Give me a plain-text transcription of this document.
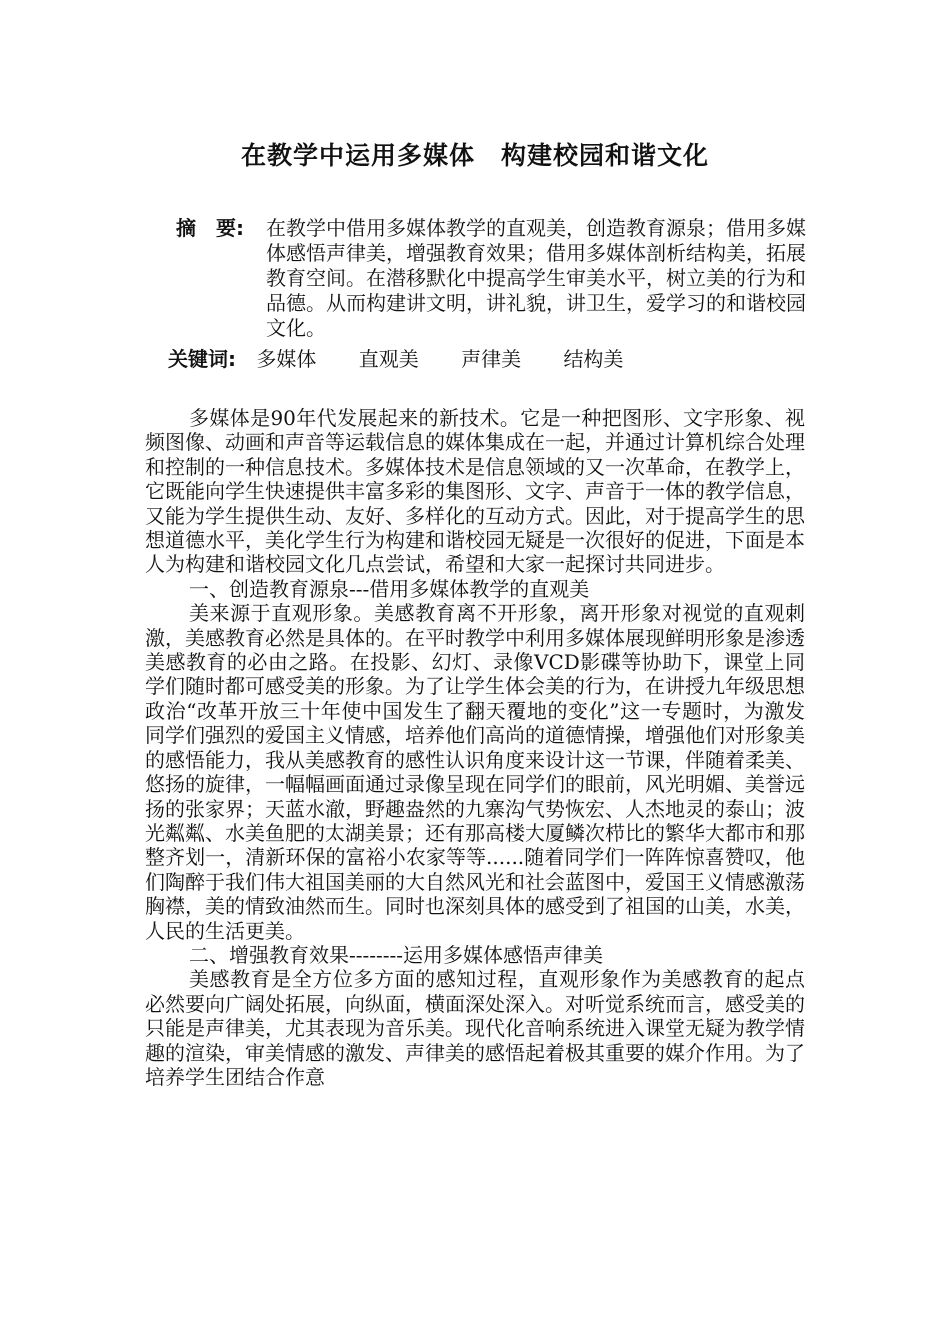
在教学中运用多媒体　构建校园和谐文化
摘　要: 在教学中借用多媒体教学的直观美，创造教育源泉；借用多媒体感悟声律美，增强教育效果；借用多媒体剖析结构美，拓展教育空间。在潜移默化中提高学生审美水平，树立美的行为和品德。从而构建讲文明，讲礼貌，讲卫生，爱学习的和谐校园文化。
关键词: 多媒体 直观美 声律美 结构美

多媒体是90年代发展起来的新技术。它是一种把图形、文字形象、视频图像、动画和声音等运载信息的媒体集成在一起，并通过计算机综合处理和控制的一种信息技术。多媒体技术是信息领域的又一次革命，在教学上，它既能向学生快速提供丰富多彩的集图形、文字、声音于一体的教学信息，又能为学生提供生动、友好、多样化的互动方式。因此，对于提高学生的思想道德水平，美化学生行为构建和谐校园无疑是一次很好的促进，下面是本人为构建和谐校园文化几点尝试，希望和大家一起探讨共同进步。

一、创造教育源泉---借用多媒体教学的直观美

美来源于直观形象。美感教育离不开形象，离开形象对视觉的直观刺激，美感教育必然是具体的。在平时教学中利用多媒体展现鲜明形象是渗透美感教育的必由之路。在投影、幻灯、录像VCD影碟等协助下，课堂上同学们随时都可感受美的形象。为了让学生体会美的行为，在讲授九年级思想政治“改革开放三十年使中国发生了翻天覆地的变化”这一专题时，为激发同学们强烈的爱国主义情感，培养他们高尚的道德情操，增强他们对形象美的感悟能力，我从美感教育的感性认识角度来设计这一节课，伴随着柔美、悠扬的旋律，一幅幅画面通过录像呈现在同学们的眼前，风光明媚、美誉远扬的张家界；天蓝水澈，野趣盎然的九寨沟气势恢宏、人杰地灵的泰山；波光粼粼、水美鱼肥的太湖美景；还有那高楼大厦鳞次栉比的繁华大都市和那整齐划一，清新环保的富裕小农家等等......随着同学们一阵阵惊喜赞叹，他们陶醉于我们伟大祖国美丽的大自然风光和社会蓝图中，爱国王义情感激荡胸襟，美的情致油然而生。同时也深刻具体的感受到了祖国的山美，水美，人民的生活更美。

二、增强教育效果--------运用多媒体感悟声律美

美感教育是全方位多方面的感知过程，直观形象作为美感教育的起点必然要向广阔处拓展，向纵面，横面深处深入。对听觉系统而言，感受美的只能是声律美，尤其表现为音乐美。现代化音响系统进入课堂无疑为教学情趣的渲染，审美情感的激发、声律美的感悟起着极其重要的媒介作用。为了培养学生团结合作意
